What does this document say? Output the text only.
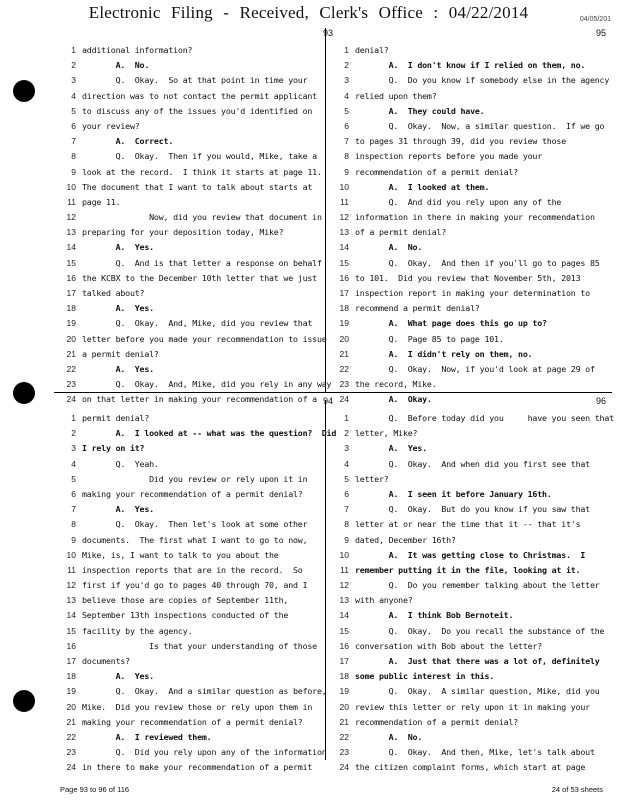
Electronic Filing - Received, Clerk's Office : 04/22/2014	04/05/201
93
1 additional information?
2 A.  No.
3 Q.  Okay.  So at that point in time your
4 direction was to not contact the permit applicant
5 to discuss any of the issues you'd identified on
6 your review?
7 A.  Correct.
8 Q.  Okay.  Then if you would, Mike, take a
9 look at the record.  I think it starts at page 11.
10 The document that I want to talk about starts at
11 page 11.
12 Now, did you review that document in
13 preparing for your deposition today, Mike?
14 A.  Yes.
15 Q.  And is that letter a response on behalf
16 the KCBX to the December 10th letter that we just
17 talked about?
18 A.  Yes.
19 Q.  Okay.  And, Mike, did you review that
20 letter before you made your recommendation to issue
21 a permit denial?
22 A.  Yes.
23 Q.  Okay.  And, Mike, did you rely in any way
24 on that letter in making your recommendation of a
95
1 denial?
2 A.  I don't know if I relied on them, no.
3 Q.  Do you know if somebody else in the agency
4 relied upon them?
5 A.  They could have.
6 Q.  Okay.  Now, a similar question.  If we go
7 to pages 31 through 39, did you review those
8 inspection reports before you made your
9 recommendation of a permit denial?
10 A.  I looked at them.
11 Q.  And did you rely upon any of the
12 information in there in making your recommendation
13 of a permit denial?
14 A.  No.
15 Q.  Okay.  And then if you'll go to pages 85
16 to 101.  Did you review that November 5th, 2013
17 inspection report in making your determination to
18 recommend a permit denial?
19 A.  What page does this go up to?
20 Q.  Page 85 to page 101.
21 A.  I didn't rely on them, no.
22 Q.  Okay.  Now, if you'd look at page 29 of
23 the record, Mike.
24 A.  Okay.
94
1 permit denial?
2 A.  I looked at -- what was the question?  Did
3 I rely on it?
4 Q.  Yeah.
5 Did you review or rely upon it in
6 making your recommendation of a permit denial?
7 A.  Yes.
8 Q.  Okay.  Then let's look at some other
9 documents.  The first what I want to go to now,
10 Mike, is, I want to talk to you about the
11 inspection reports that are in the record.  So
12 first if you'd go to pages 40 through 70, and I
13 believe those are copies of September 11th,
14 September 13th inspections conducted of the
15 facility by the agency.
16 Is that your understanding of those
17 documents?
18 A.  Yes.
19 Q.  Okay.  And a similar question as before,
20 Mike.  Did you review those or rely upon them in
21 making your recommendation of a permit denial?
22 A.  I reviewed them.
23 Q.  Did you rely upon any of the information
24 in there to make your recommendation of a permit
96
1 Q.  Before today did you     have you seen that
2 letter, Mike?
3 A.  Yes.
4 Q.  Okay.  And when did you first see that
5 letter?
6 A.  I seen it before January 16th.
7 Q.  Okay.  But do you know if you saw that
8 letter at or near the time that it -- that it's
9 dated, December 16th?
10 A.  It was getting close to Christmas.  I
11 remember putting it in the file, looking at it.
12 Q.  Do you remember talking about the letter
13 with anyone?
14 A.  I think Bob Bernoteit.
15 Q.  Okay.  Do you recall the substance of the
16 conversation with Bob about the letter?
17 A.  Just that there was a lot of, definitely
18 some public interest in this.
19 Q.  Okay.  A similar question, Mike, did you
20 review this letter or rely upon it in making your
21 recommendation of a permit denial?
22 A.  No.
23 Q.  Okay.  And then, Mike, let's talk about
24 the citizen complaint forms, which start at page
Page 93 to 96 of 116	24 of 53 sheets
